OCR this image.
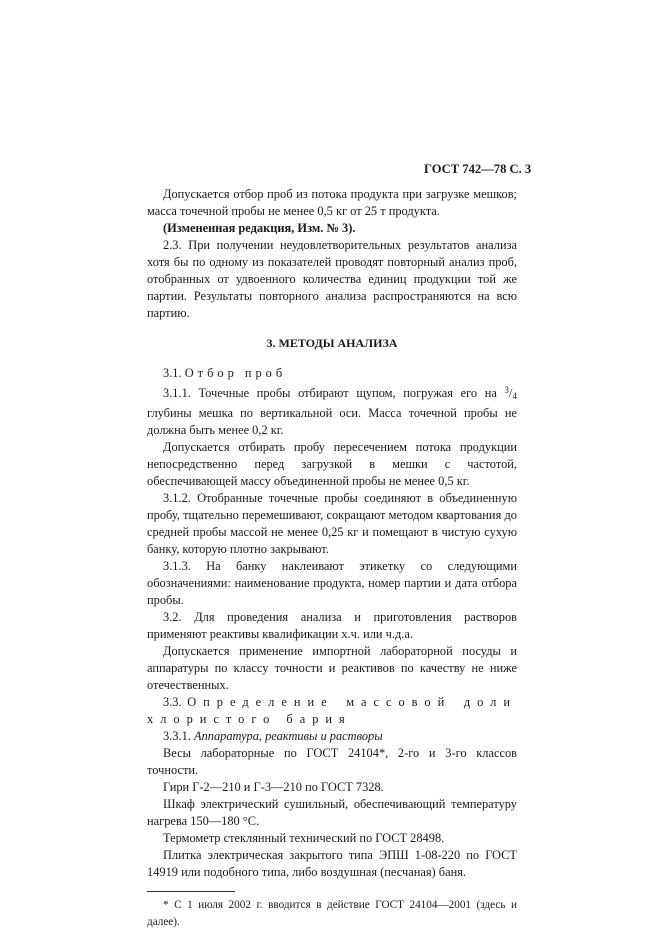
ГОСТ 742—78 С. 3

Допускается отбор проб из потока продукта при загрузке мешков; масса точечной пробы не менее 0,5 кг от 25 т продукта.

(Измененная редакция, Изм. № 3).

2.3. При получении неудовлетворительных результатов анализа хотя бы по одному из показателей проводят повторный анализ проб, отобранных от удвоенного количества единиц продукции той же партии. Результаты повторного анализа распространяются на всю партию.

3. МЕТОДЫ АНАЛИЗА

3.1. Отбор проб

3.1.1. Точечные пробы отбирают щупом, погружая его на $^3$/4 глубины мешка по вертикальной оси. Масса точечной пробы не должна быть менее 0,2 кг.

Допускается отбирать пробу пересечением потока продукции непосредственно перед загрузкой в мешки с частотой, обеспечивающей массу объединенной пробы не менее 0,5 кг.

3.1.2. Отобранные точечные пробы соединяют в объединенную пробу, тщательно перемешивают, сокращают методом квартования до средней пробы массой не менее 0,25 кг и помещают в чистую сухую банку, которую плотно закрывают.

3.1.3. На банку наклеивают этикетку со следующими обозначениями: наименование продукта, номер партии и дата отбора пробы.

3.2. Для проведения анализа и приготовления растворов применяют реактивы квалификации х.ч. или ч.д.а.

Допускается применение импортной лабораторной посуды и аппаратуры по классу точности и реактивов по качеству не ниже отечественных.

3.3. Определение массовой доли хлористого бария

3.3.1. Аппаратура, реактивы и растворы

Весы лабораторные по ГОСТ 24104*, 2-го и 3-го классов точности.

Гири Г-2—210 и Г-3—210 по ГОСТ 7328.

Шкаф электрический сушильный, обеспечивающий температуру нагрева 150—180 °С.

Термометр стеклянный технический по ГОСТ 28498.

Плитка электрическая закрытого типа ЭПШ 1-08-220 по ГОСТ 14919 или подобного типа, либо воздушная (песчаная) баня.

* С 1 июля 2002 г. вводится в действие ГОСТ 24104—2001 (здесь и далее).
